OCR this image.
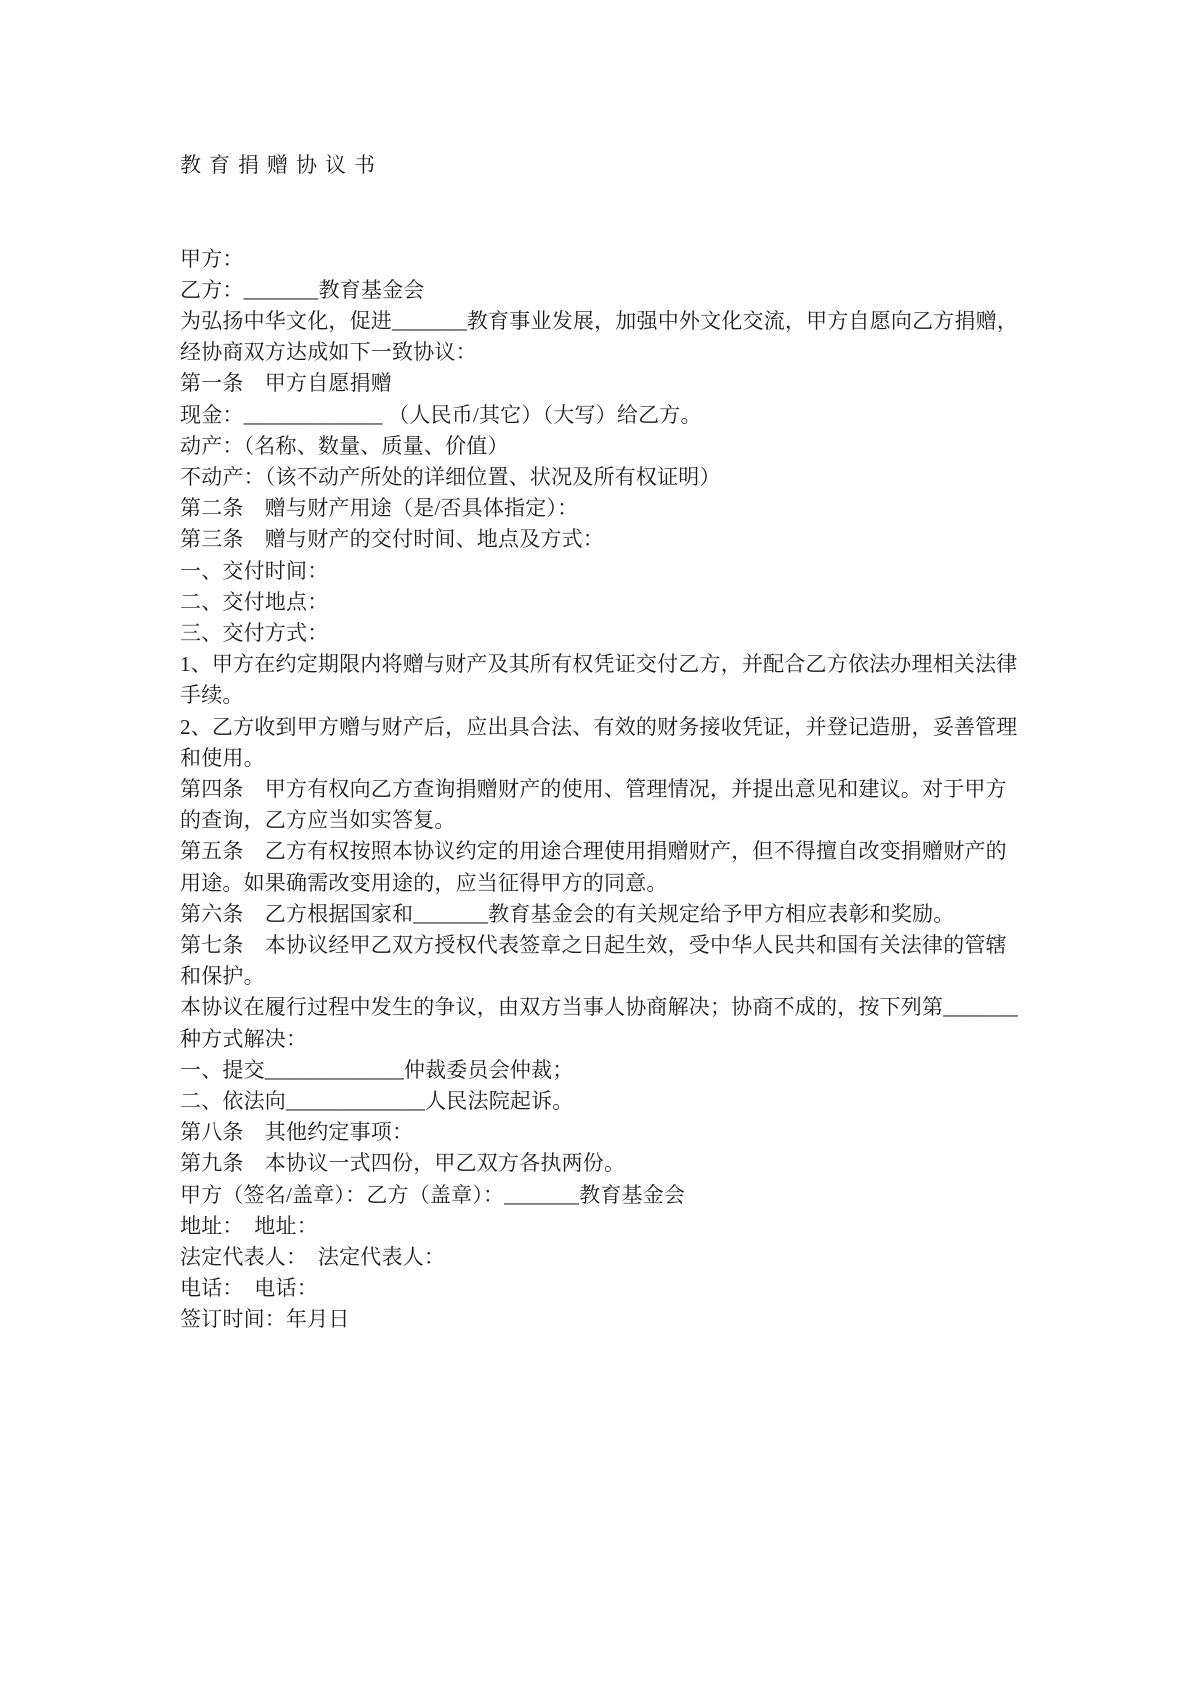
教育捐赠协议书
甲方：
乙方：_______教育基金会
为弘扬中华文化，促进_______教育事业发展，加强中外文化交流，甲方自愿向乙方捐赠，
经协商双方达成如下一致协议：
第一条　甲方自愿捐赠
现金：_____________ （人民币/其它）（大写）给乙方。
动产：（名称、数量、质量、价值）
不动产：（该不动产所处的详细位置、状况及所有权证明）
第二条　赠与财产用途（是/否具体指定）：
第三条　赠与财产的交付时间、地点及方式：
一、交付时间：
二、交付地点：
三、交付方式：
1、甲方在约定期限内将赠与财产及其所有权凭证交付乙方，并配合乙方依法办理相关法律
手续。
2、乙方收到甲方赠与财产后，应出具合法、有效的财务接收凭证，并登记造册，妥善管理
和使用。
第四条　甲方有权向乙方查询捐赠财产的使用、管理情况，并提出意见和建议。对于甲方
的查询，乙方应当如实答复。
第五条　乙方有权按照本协议约定的用途合理使用捐赠财产，但不得擅自改变捐赠财产的
用途。如果确需改变用途的，应当征得甲方的同意。
第六条　乙方根据国家和_______教育基金会的有关规定给予甲方相应表彰和奖励。
第七条　本协议经甲乙双方授权代表签章之日起生效，受中华人民共和国有关法律的管辖
和保护。
本协议在履行过程中发生的争议，由双方当事人协商解决；协商不成的，按下列第_______
种方式解决：
一、提交_____________仲裁委员会仲裁；
二、依法向_____________人民法院起诉。
第八条　其他约定事项：
第九条　本协议一式四份，甲乙双方各执两份。
甲方（签名/盖章）：乙方（盖章）：_______教育基金会
地址：　地址：
法定代表人：　法定代表人：
电话：　电话：
签订时间：年月日
